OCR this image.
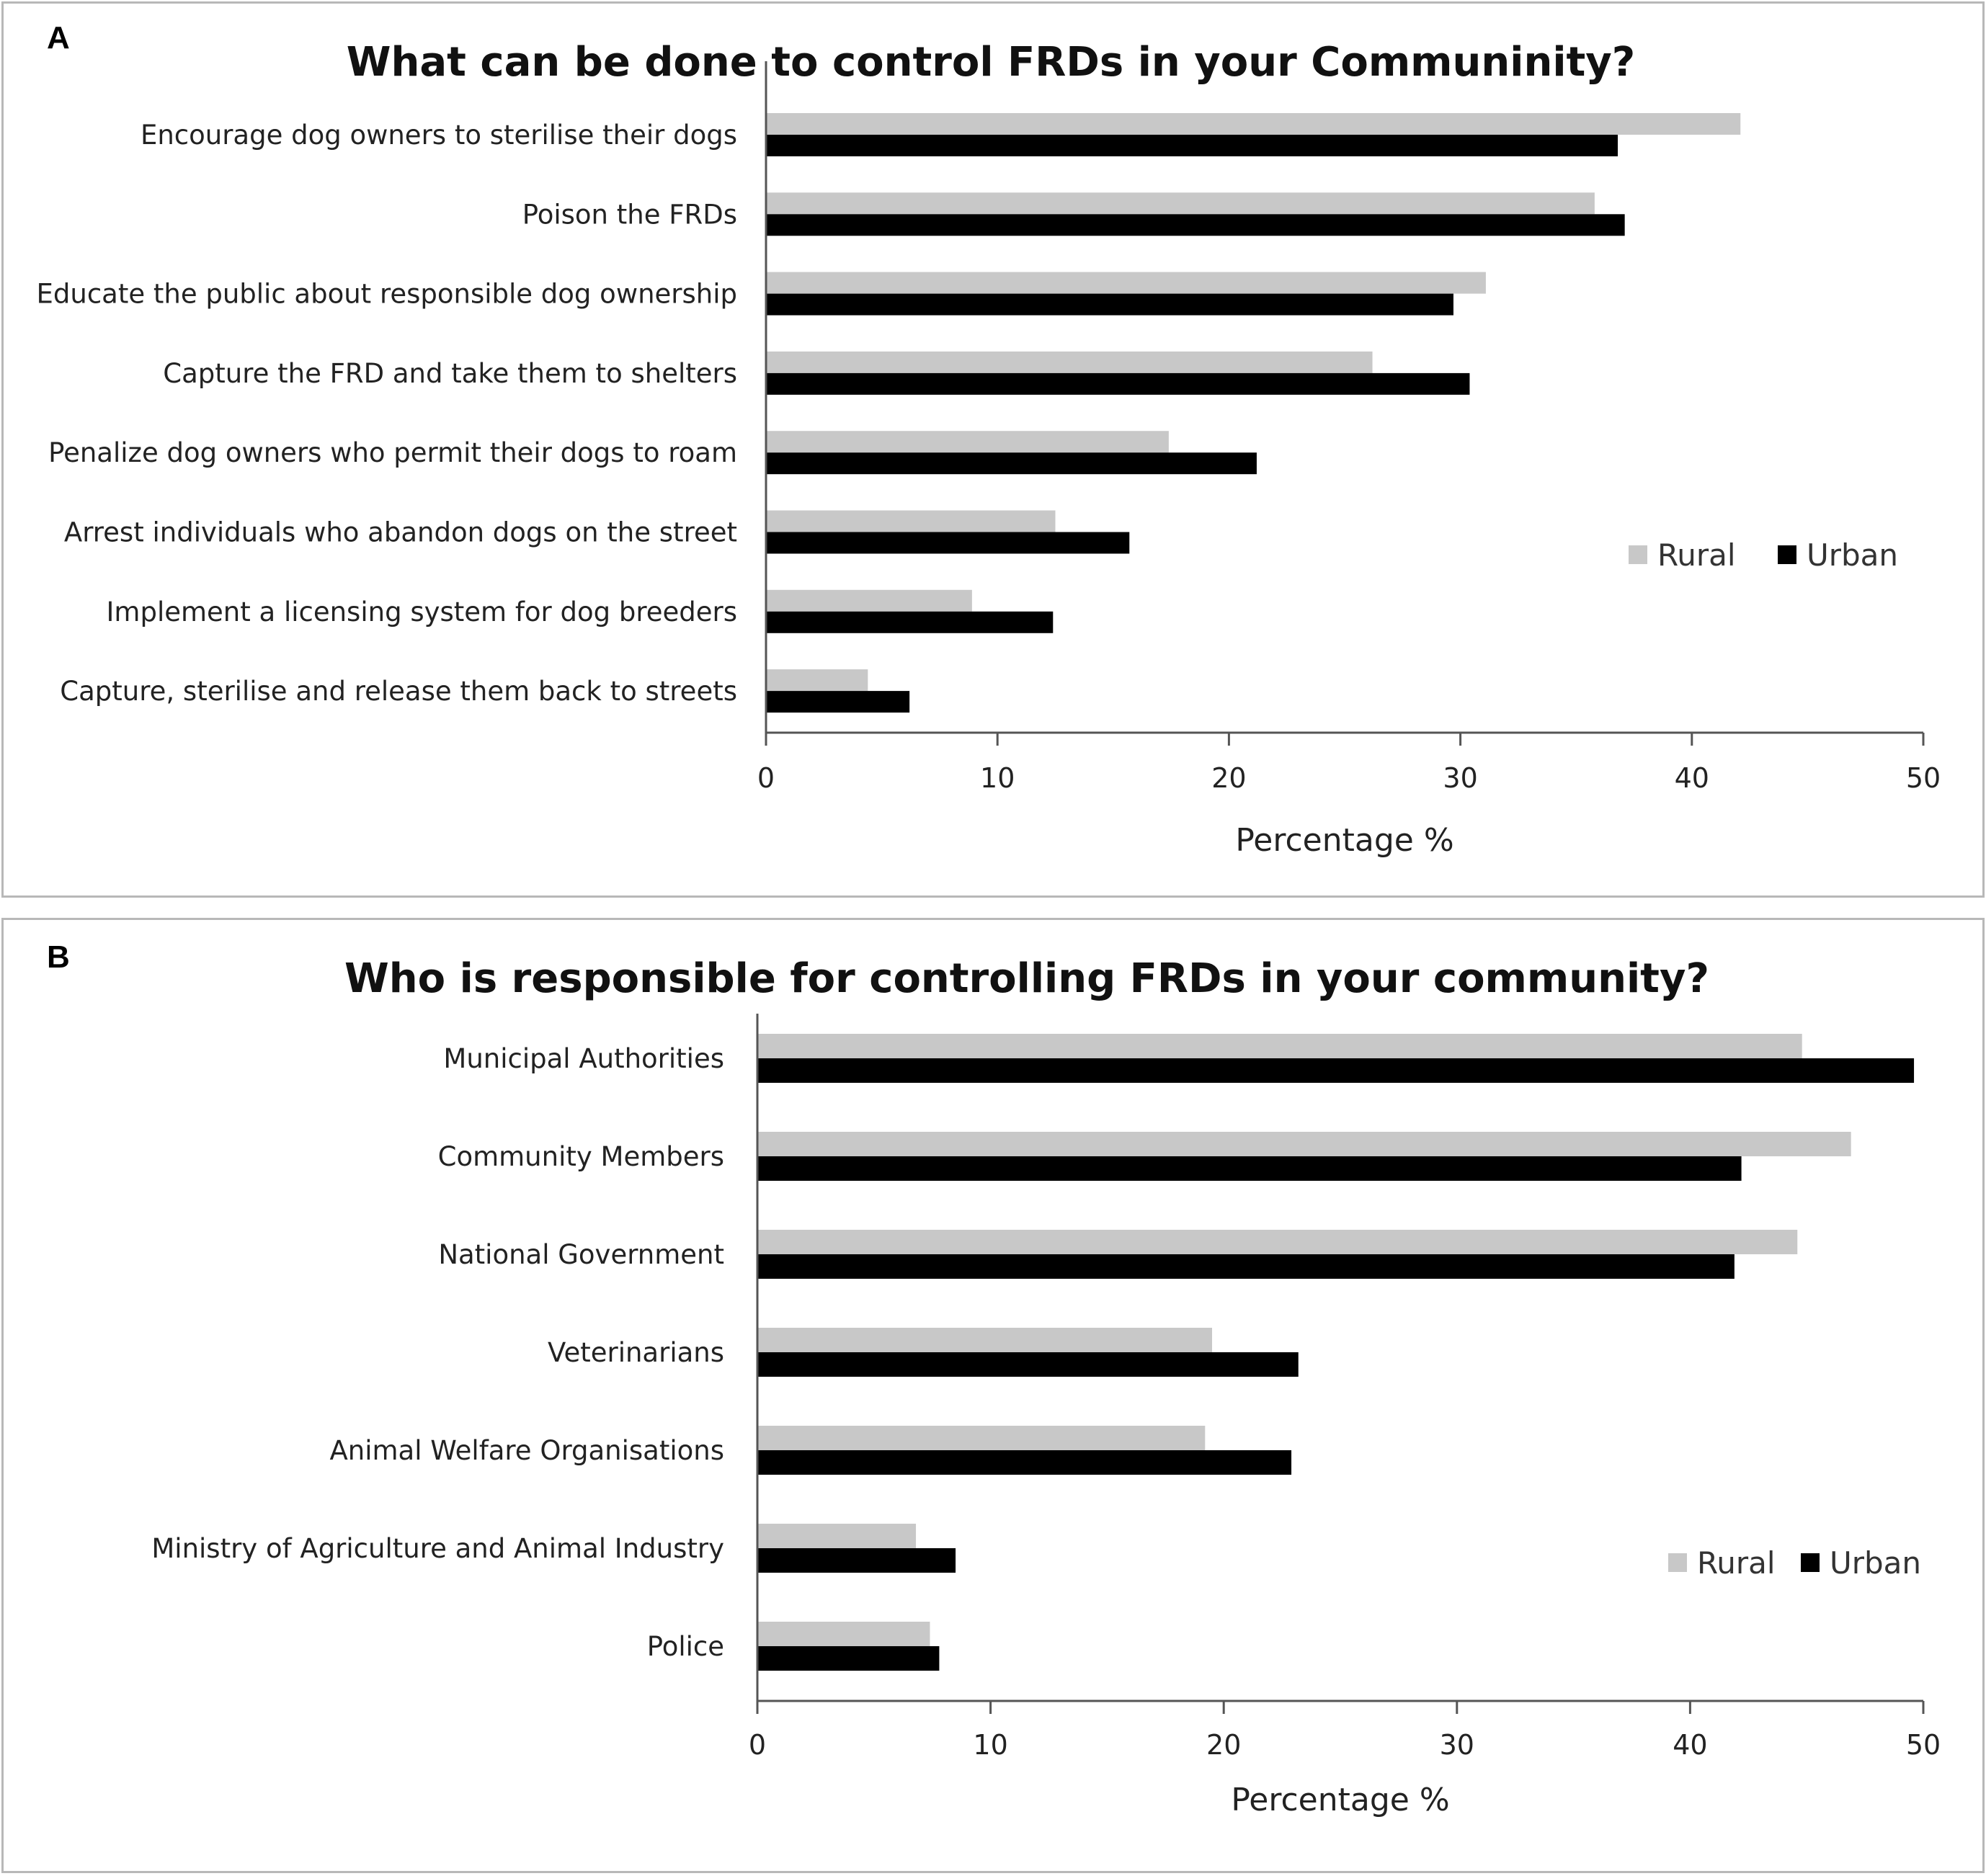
A
What can be done to control FRDs in your Communinity?
Encourage dog owners to sterilise their dogs
Poison the FRDs
Educate the public about responsible dog ownership
Capture the FRD and take them to shelters
Penalize dog owners who permit their dogs to roam
Arrest individuals who abandon dogs on the street
Implement a licensing system for dog breeders
Capture, sterilise and release them back to streets
0	10	20	30	40	50
Percentage %
Rural Urban
B	Who is responsible for controlling FRDs in your community?
Municipal Authorities
Community Members
National Government
Veterinarians
Animal Welfare Organisations
Ministry of Agriculture and Animal Industry
Police
0	10	20	30	40	50
Percentage %
Rural Urban
